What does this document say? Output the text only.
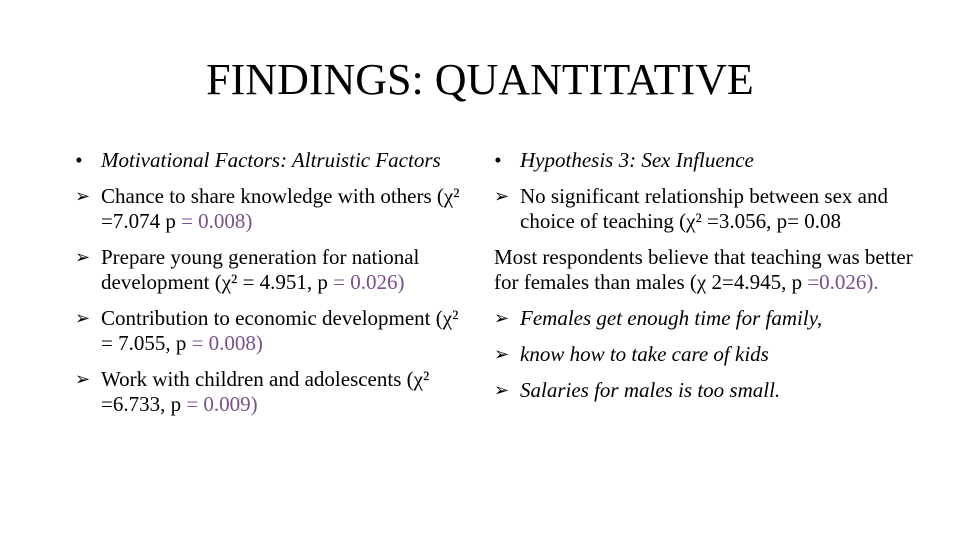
FINDINGS: QUANTITATIVE
• Motivational Factors: Altruistic Factors
➢ Chance to share knowledge with others (χ² =7.074 p = 0.008)
➢ Prepare young generation for national development (χ² = 4.951, p = 0.026)
➢ Contribution to economic development (χ² = 7.055, p = 0.008)
➢ Work with children and adolescents (χ² =6.733, p = 0.009)
• Hypothesis 3: Sex Influence
➢ No significant relationship between sex and choice of teaching (χ² =3.056, p= 0.08
Most respondents believe that teaching was better for females than males (χ 2=4.945, p =0.026).
➢ Females get enough time for family,
➢ know how to take care of kids
➢ Salaries for males is too small.
